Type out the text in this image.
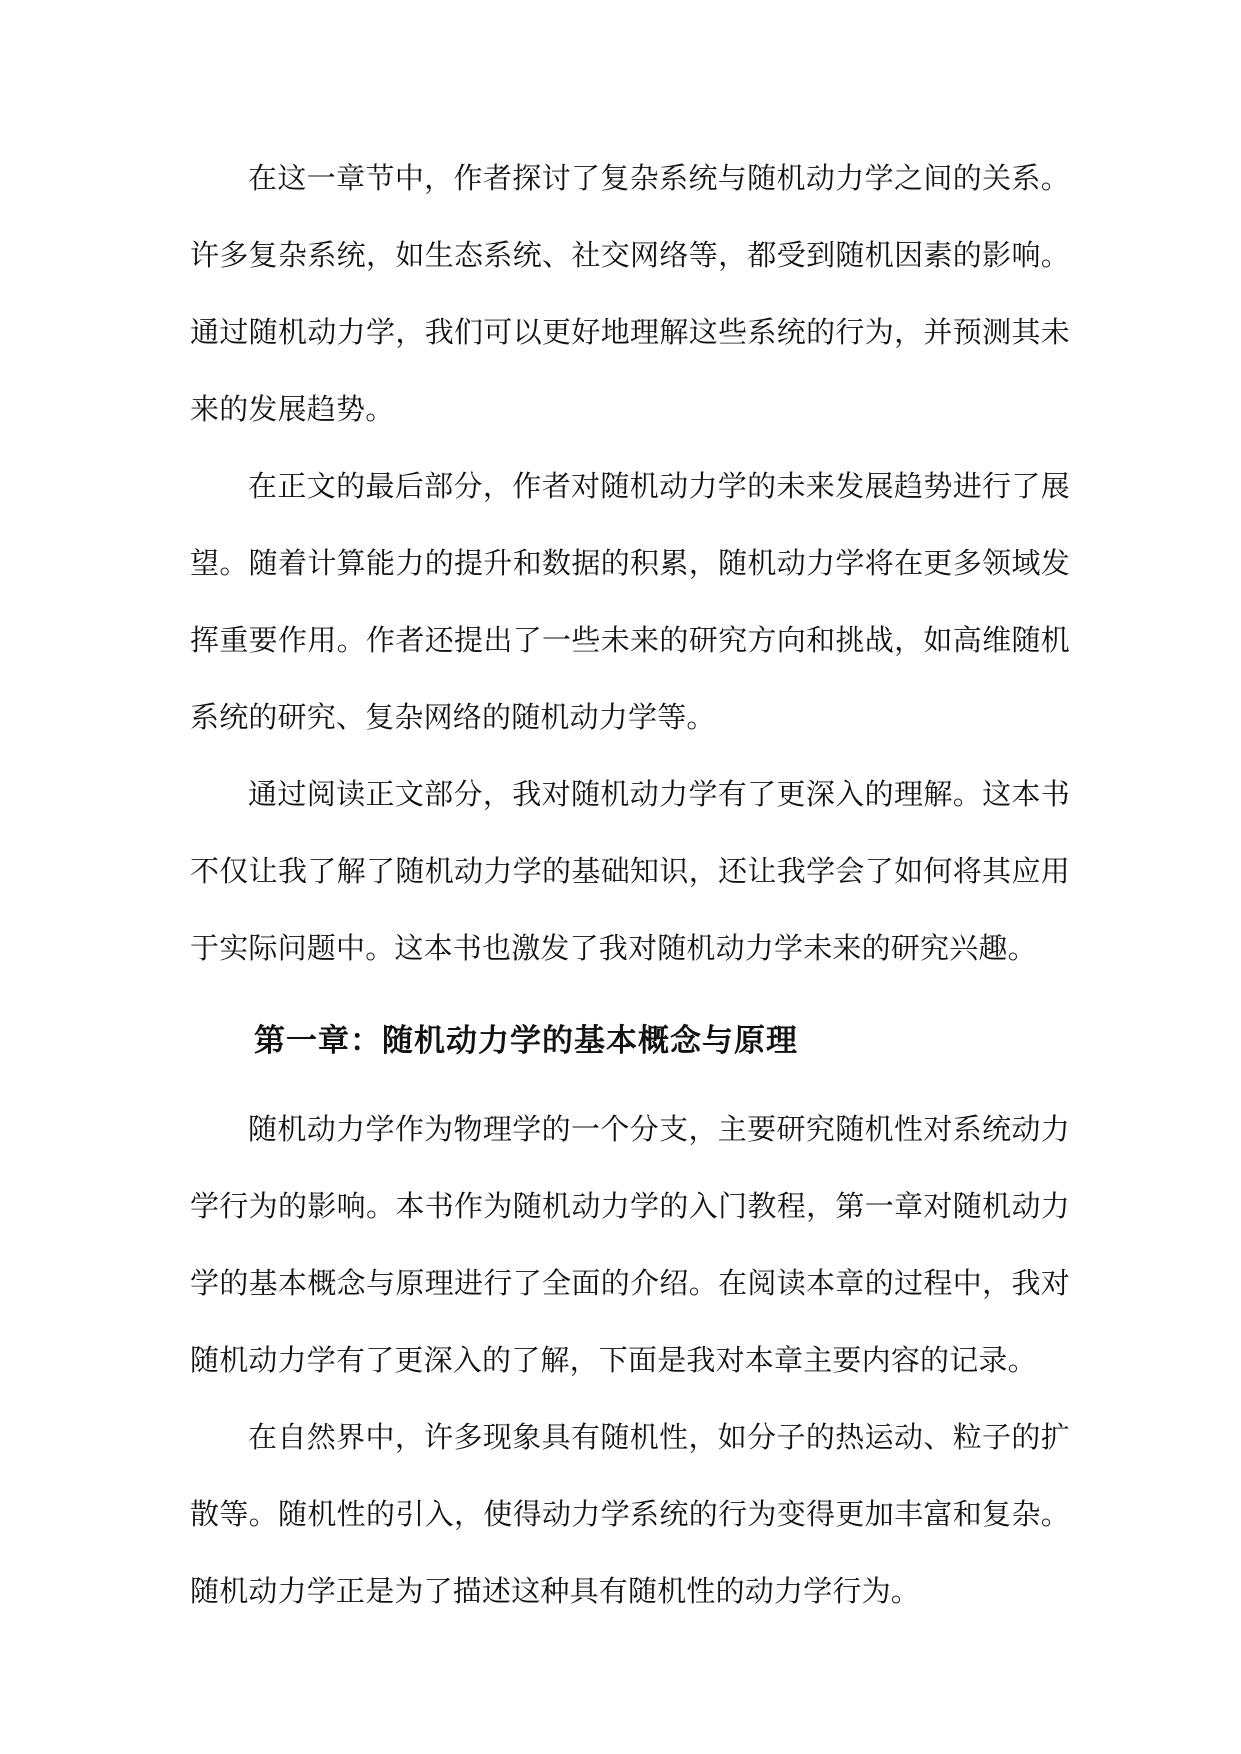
在这一章节中，作者探讨了复杂系统与随机动力学之间的关系。许多复杂系统，如生态系统、社交网络等，都受到随机因素的影响。通过随机动力学，我们可以更好地理解这些系统的行为，并预测其未来的发展趋势。

在正文的最后部分，作者对随机动力学的未来发展趋势进行了展望。随着计算能力的提升和数据的积累，随机动力学将在更多领域发挥重要作用。作者还提出了一些未来的研究方向和挑战，如高维随机系统的研究、复杂网络的随机动力学等。

通过阅读正文部分，我对随机动力学有了更深入的理解。这本书不仅让我了解了随机动力学的基础知识，还让我学会了如何将其应用于实际问题中。这本书也激发了我对随机动力学未来的研究兴趣。

第一章：随机动力学的基本概念与原理

随机动力学作为物理学的一个分支，主要研究随机性对系统动力学行为的影响。本书作为随机动力学的入门教程，第一章对随机动力学的基本概念与原理进行了全面的介绍。在阅读本章的过程中，我对随机动力学有了更深入的了解，下面是我对本章主要内容的记录。

在自然界中，许多现象具有随机性，如分子的热运动、粒子的扩散等。随机性的引入，使得动力学系统的行为变得更加丰富和复杂。随机动力学正是为了描述这种具有随机性的动力学行为。
